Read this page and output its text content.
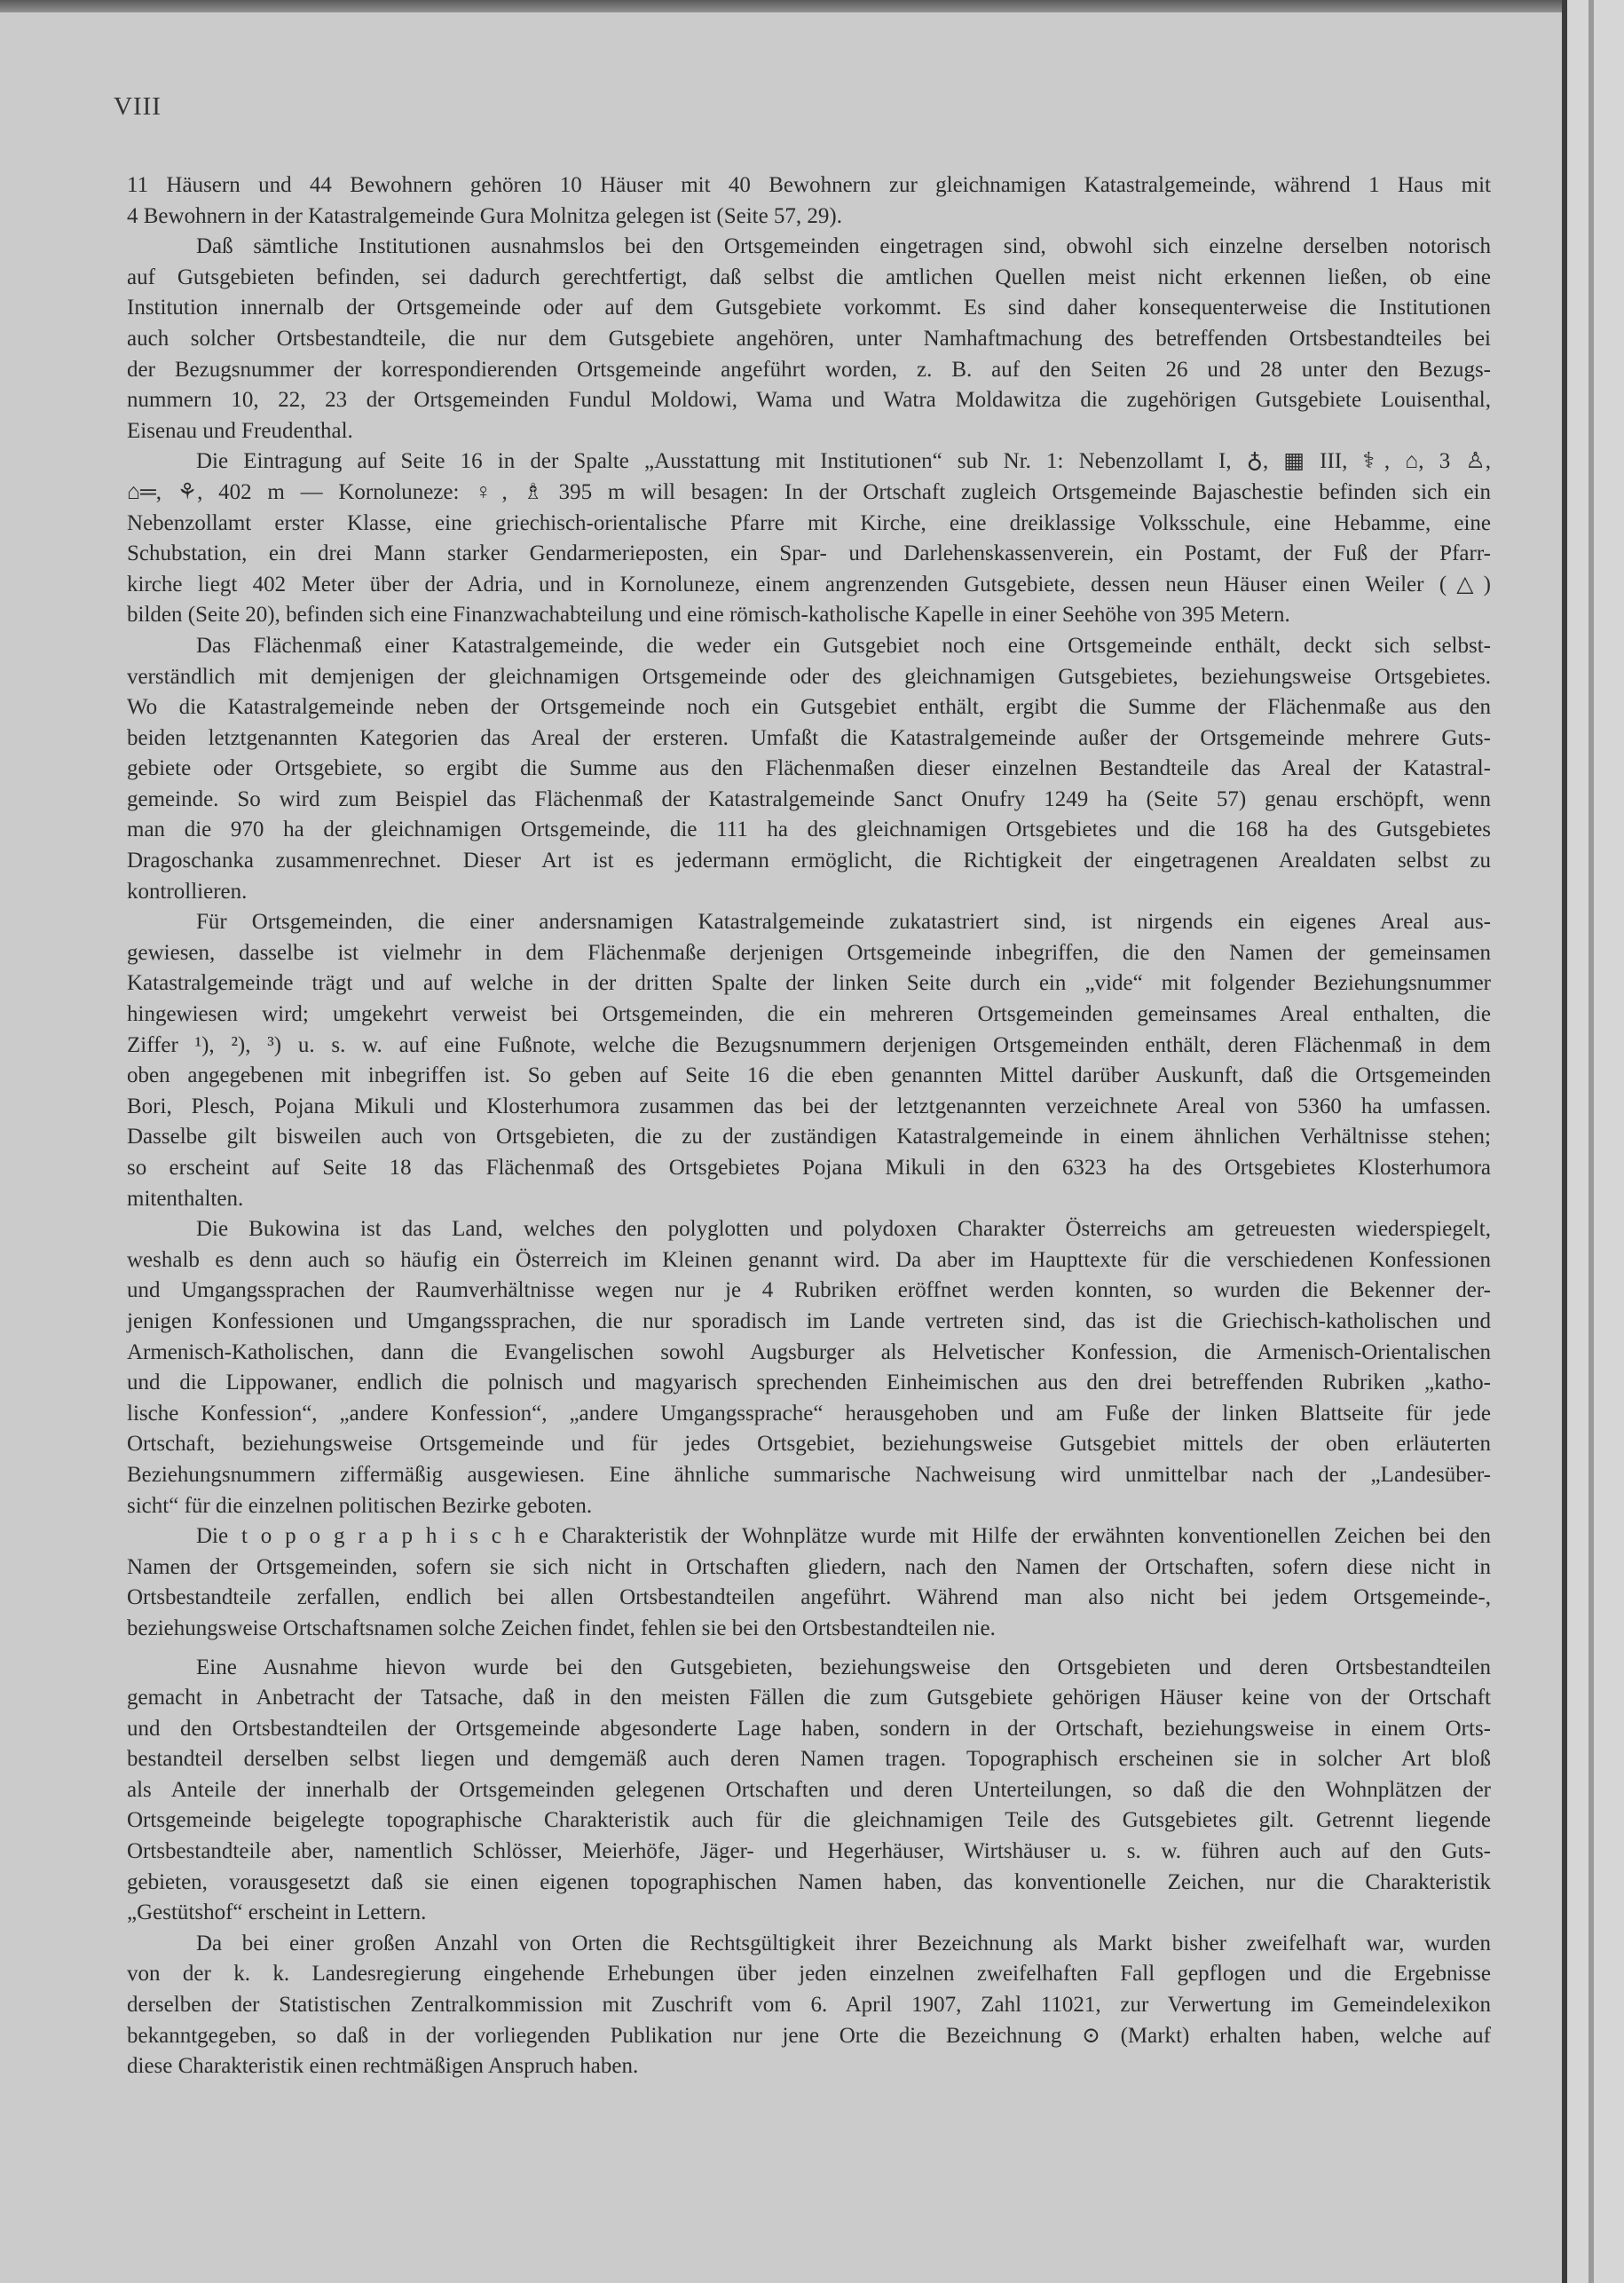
VIII
11 Häusern und 44 Bewohnern gehören 10 Häuser mit 40 Bewohnern zur gleichnamigen Katastralgemeinde, während 1 Haus mit
4 Bewohnern in der Katastralgemeinde Gura Molnitza gelegen ist (Seite 57, 29).
Daß sämtliche Institutionen ausnahmslos bei den Ortsgemeinden eingetragen sind, obwohl sich einzelne derselben notorisch
auf Gutsgebieten befinden, sei dadurch gerechtfertigt, daß selbst die amtlichen Quellen meist nicht erkennen ließen, ob eine
Institution innernalb der Ortsgemeinde oder auf dem Gutsgebiete vorkommt. Es sind daher konsequenterweise die Institutionen
auch solcher Ortsbestandteile, die nur dem Gutsgebiete angehören, unter Namhaftmachung des betreffenden Ortsbestandteiles bei
der Bezugsnummer der korrespondierenden Ortsgemeinde angeführt worden, z. B. auf den Seiten 26 und 28 unter den Bezugs-
nummern 10, 22, 23 der Ortsgemeinden Fundul Moldowi, Wama und Watra Moldawitza die zugehörigen Gutsgebiete Louisenthal,
Eisenau und Freudenthal.
Die Eintragung auf Seite 16 in der Spalte „Ausstattung mit Institutionen“ sub Nr. 1: Nebenzollamt I, ♁, ▦ III, ⚕, ⌂, 3 ♙,
⌂═, ⚘, 402 m — Kornoluneze: ♀, ♗ 395 m will besagen: In der Ortschaft zugleich Ortsgemeinde Bajaschestie befinden sich ein
Nebenzollamt erster Klasse, eine griechisch-orientalische Pfarre mit Kirche, eine dreiklassige Volksschule, eine Hebamme, eine
Schubstation, ein drei Mann starker Gendarmerieposten, ein Spar- und Darlehenskassenverein, ein Postamt, der Fuß der Pfarr-
kirche liegt 402 Meter über der Adria, und in Kornoluneze, einem angrenzenden Gutsgebiete, dessen neun Häuser einen Weiler (△)
bilden (Seite 20), befinden sich eine Finanzwachabteilung und eine römisch-katholische Kapelle in einer Seehöhe von 395 Metern.
Das Flächenmaß einer Katastralgemeinde, die weder ein Gutsgebiet noch eine Ortsgemeinde enthält, deckt sich selbst-
verständlich mit demjenigen der gleichnamigen Ortsgemeinde oder des gleichnamigen Gutsgebietes, beziehungsweise Ortsgebietes.
Wo die Katastralgemeinde neben der Ortsgemeinde noch ein Gutsgebiet enthält, ergibt die Summe der Flächenmaße aus den
beiden letztgenannten Kategorien das Areal der ersteren. Umfaßt die Katastralgemeinde außer der Ortsgemeinde mehrere Guts-
gebiete oder Ortsgebiete, so ergibt die Summe aus den Flächenmaßen dieser einzelnen Bestandteile das Areal der Katastral-
gemeinde. So wird zum Beispiel das Flächenmaß der Katastralgemeinde Sanct Onufry 1249 ha (Seite 57) genau erschöpft, wenn
man die 970 ha der gleichnamigen Ortsgemeinde, die 111 ha des gleichnamigen Ortsgebietes und die 168 ha des Gutsgebietes
Dragoschanka zusammenrechnet. Dieser Art ist es jedermann ermöglicht, die Richtigkeit der eingetragenen Arealdaten selbst zu
kontrollieren.
Für Ortsgemeinden, die einer andersnamigen Katastralgemeinde zukatastriert sind, ist nirgends ein eigenes Areal aus-
gewiesen, dasselbe ist vielmehr in dem Flächenmaße derjenigen Ortsgemeinde inbegriffen, die den Namen der gemeinsamen
Katastralgemeinde trägt und auf welche in der dritten Spalte der linken Seite durch ein „vide“ mit folgender Beziehungsnummer
hingewiesen wird; umgekehrt verweist bei Ortsgemeinden, die ein mehreren Ortsgemeinden gemeinsames Areal enthalten, die
Ziffer ¹), ²), ³) u. s. w. auf eine Fußnote, welche die Bezugsnummern derjenigen Ortsgemeinden enthält, deren Flächenmaß in dem
oben angegebenen mit inbegriffen ist. So geben auf Seite 16 die eben genannten Mittel darüber Auskunft, daß die Ortsgemeinden
Bori, Plesch, Pojana Mikuli und Klosterhumora zusammen das bei der letztgenannten verzeichnete Areal von 5360 ha umfassen.
Dasselbe gilt bisweilen auch von Ortsgebieten, die zu der zuständigen Katastralgemeinde in einem ähnlichen Verhältnisse stehen;
so erscheint auf Seite 18 das Flächenmaß des Ortsgebietes Pojana Mikuli in den 6323 ha des Ortsgebietes Klosterhumora
mitenthalten.
Die Bukowina ist das Land, welches den polyglotten und polydoxen Charakter Österreichs am getreuesten wiederspiegelt,
weshalb es denn auch so häufig ein Österreich im Kleinen genannt wird. Da aber im Haupttexte für die verschiedenen Konfessionen
und Umgangssprachen der Raumverhältnisse wegen nur je 4 Rubriken eröffnet werden konnten, so wurden die Bekenner der-
jenigen Konfessionen und Umgangssprachen, die nur sporadisch im Lande vertreten sind, das ist die Griechisch-katholischen und
Armenisch-Katholischen, dann die Evangelischen sowohl Augsburger als Helvetischer Konfession, die Armenisch-Orientalischen
und die Lippowaner, endlich die polnisch und magyarisch sprechenden Einheimischen aus den drei betreffenden Rubriken „katho-
lische Konfession“, „andere Konfession“, „andere Umgangssprache“ herausgehoben und am Fuße der linken Blattseite für jede
Ortschaft, beziehungsweise Ortsgemeinde und für jedes Ortsgebiet, beziehungsweise Gutsgebiet mittels der oben erläuterten
Beziehungsnummern ziffermäßig ausgewiesen. Eine ähnliche summarische Nachweisung wird unmittelbar nach der „Landesüber-
sicht“ für die einzelnen politischen Bezirke geboten.
Die t o p o g r a p h i s c h e Charakteristik der Wohnplätze wurde mit Hilfe der erwähnten konventionellen Zeichen bei den
Namen der Ortsgemeinden, sofern sie sich nicht in Ortschaften gliedern, nach den Namen der Ortschaften, sofern diese nicht in
Ortsbestandteile zerfallen, endlich bei allen Ortsbestandteilen angeführt. Während man also nicht bei jedem Ortsgemeinde-,
beziehungsweise Ortschaftsnamen solche Zeichen findet, fehlen sie bei den Ortsbestandteilen nie.
Eine Ausnahme hievon wurde bei den Gutsgebieten, beziehungsweise den Ortsgebieten und deren Ortsbestandteilen
gemacht in Anbetracht der Tatsache, daß in den meisten Fällen die zum Gutsgebiete gehörigen Häuser keine von der Ortschaft
und den Ortsbestandteilen der Ortsgemeinde abgesonderte Lage haben, sondern in der Ortschaft, beziehungsweise in einem Orts-
bestandteil derselben selbst liegen und demgemäß auch deren Namen tragen. Topographisch erscheinen sie in solcher Art bloß
als Anteile der innerhalb der Ortsgemeinden gelegenen Ortschaften und deren Unterteilungen, so daß die den Wohnplätzen der
Ortsgemeinde beigelegte topographische Charakteristik auch für die gleichnamigen Teile des Gutsgebietes gilt. Getrennt liegende
Ortsbestandteile aber, namentlich Schlösser, Meierhöfe, Jäger- und Hegerhäuser, Wirtshäuser u. s. w. führen auch auf den Guts-
gebieten, vorausgesetzt daß sie einen eigenen topographischen Namen haben, das konventionelle Zeichen, nur die Charakteristik
„Gestütshof“ erscheint in Lettern.
Da bei einer großen Anzahl von Orten die Rechtsgültigkeit ihrer Bezeichnung als Markt bisher zweifelhaft war, wurden
von der k. k. Landesregierung eingehende Erhebungen über jeden einzelnen zweifelhaften Fall gepflogen und die Ergebnisse
derselben der Statistischen Zentralkommission mit Zuschrift vom 6. April 1907, Zahl 11021, zur Verwertung im Gemeindelexikon
bekanntgegeben, so daß in der vorliegenden Publikation nur jene Orte die Bezeichnung ⊙ (Markt) erhalten haben, welche auf
diese Charakteristik einen rechtmäßigen Anspruch haben.
